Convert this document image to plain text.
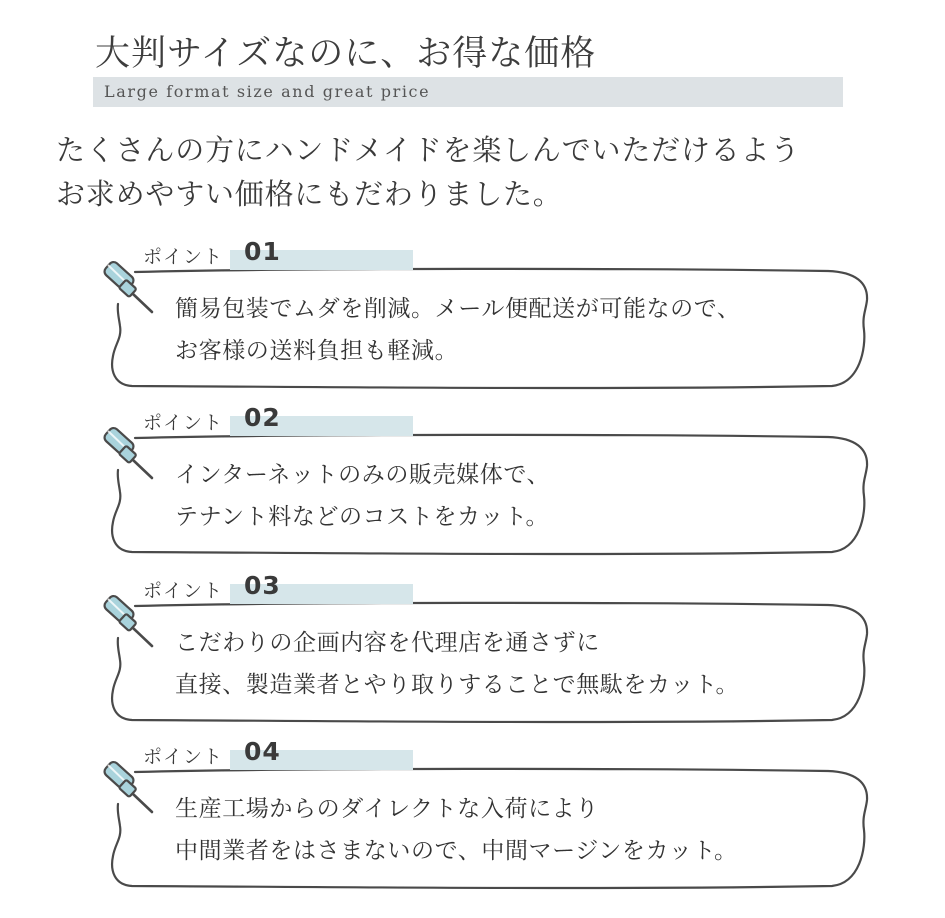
大判サイズなのに、お得な価格
Large format size and great price
たくさんの方にハンドメイドを楽しんでいただけるよう
お求めやすい価格にもだわりました。
ポイント 01
簡易包装でムダを削減。メール便配送が可能なので、
お客様の送料負担も軽減。
ポイント 02
インターネットのみの販売媒体で、
テナント料などのコストをカット。
ポイント 03
こだわりの企画内容を代理店を通さずに
直接、製造業者とやり取りすることで無駄をカット。
ポイント 04
生産工場からのダイレクトな入荷により
中間業者をはさまないので、中間マージンをカット。
